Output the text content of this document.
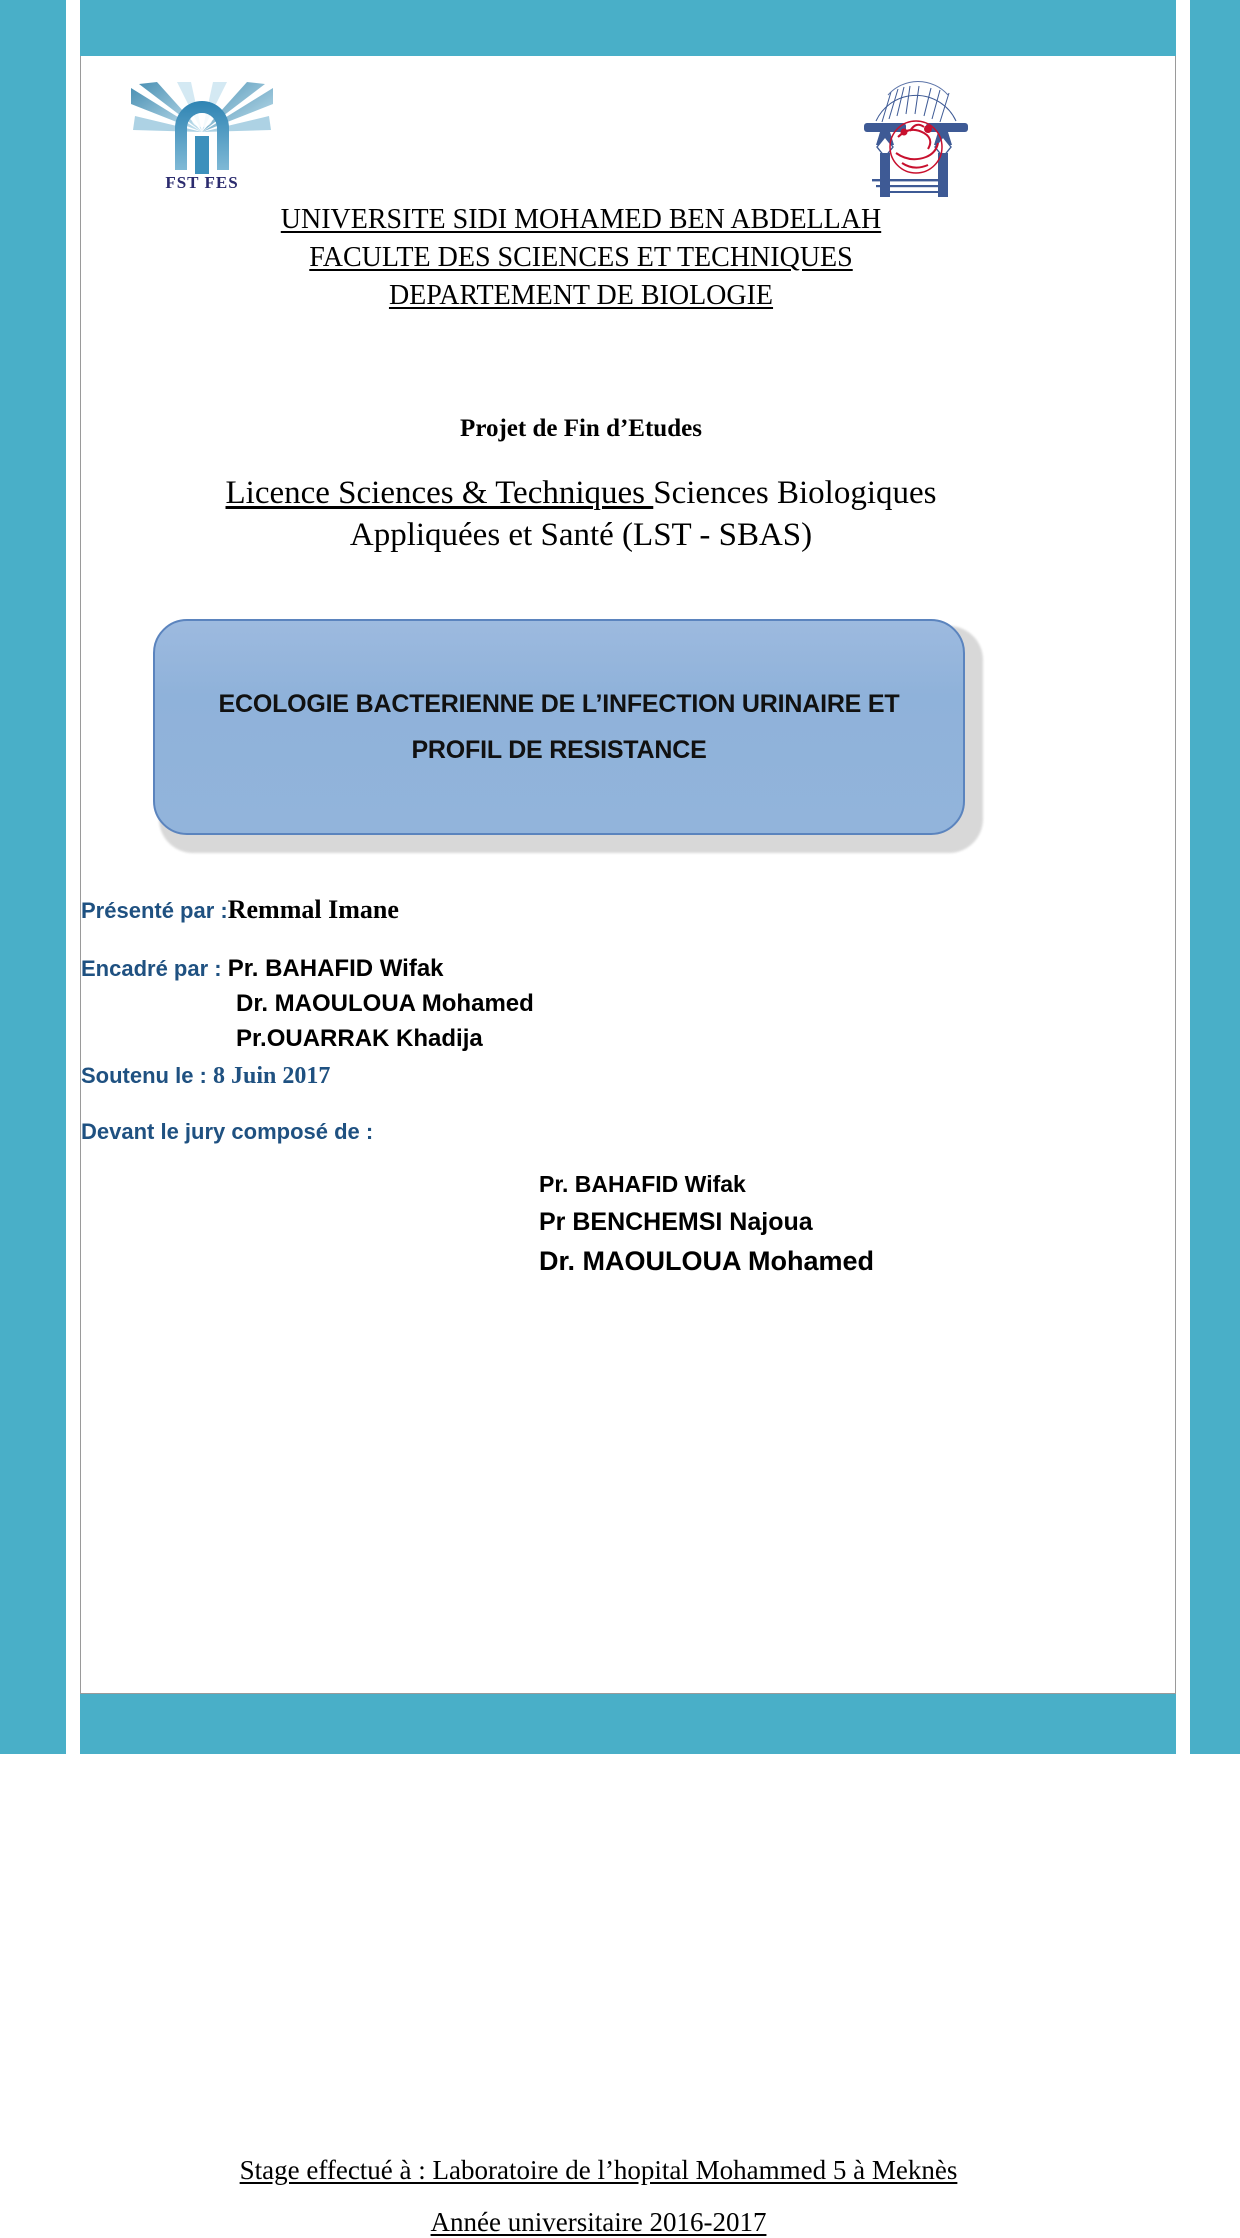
FST FES
UNIVERSITE SIDI MOHAMED BEN ABDELLAH
FACULTE DES SCIENCES ET TECHNIQUES
DEPARTEMENT DE BIOLOGIE
Projet de Fin d’Etudes
Licence Sciences & Techniques Sciences Biologiques Appliquées et Santé (LST - SBAS)
ECOLOGIE BACTERIENNE DE L’INFECTION URINAIRE ET
PROFIL DE RESISTANCE
Présenté par :Remmal Imane
Encadré par : Pr. BAHAFID Wifak
Dr. MAOULOUA Mohamed
Pr.OUARRAK Khadija
Soutenu le : 8 Juin 2017
Devant le jury composé de :
Pr. BAHAFID Wifak
Pr BENCHEMSI Najoua
Dr. MAOULOUA Mohamed
Stage effectué à : Laboratoire de l’hopital Mohammed 5 à Meknès
Année universitaire 2016-2017
